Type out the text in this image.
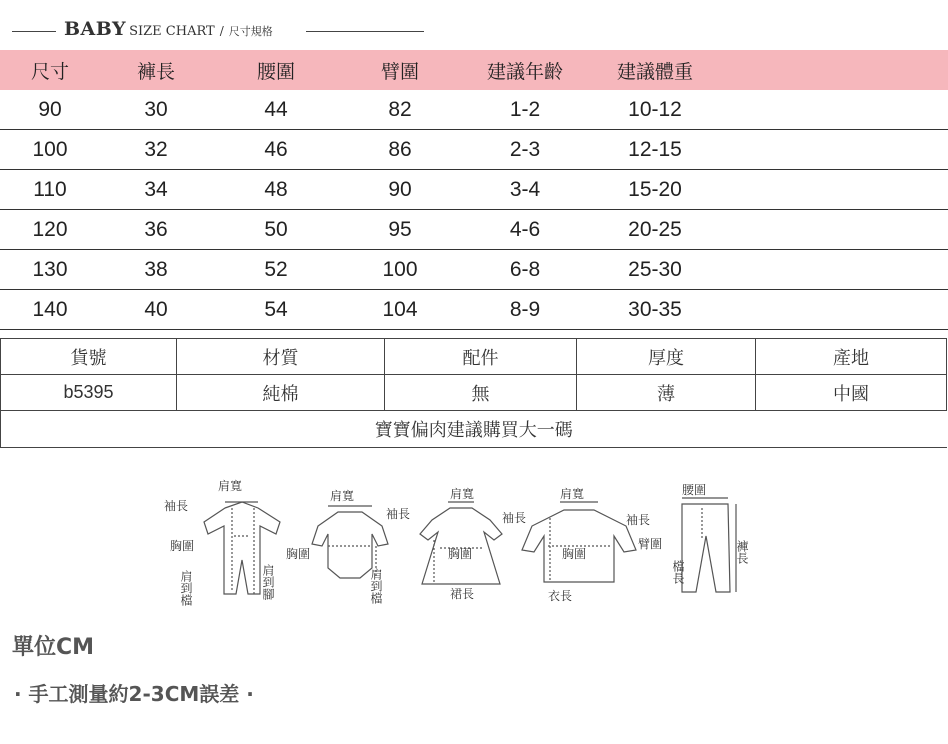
BABY SIZE CHART / 尺寸規格
尺寸	褲長	腰圍	臂圍	建議年齡	建議體重	
90	30	44	82	1-2	10-12	
100	32	46	86	2-3	12-15	
110	34	48	90	3-4	15-20	
120	36	50	95	4-6	20-25	
130	38	52	100	6-8	25-30	
140	40	54	104	8-9	30-35	
貨號	材質	配件	厚度	產地
b5395	純棉	無	薄	中國
寶寶偏肉建議購買大一碼				
肩寬
袖長
胸圍
肩到檔	肩到腳
肩寬
袖長
胸圍
肩到檔
肩寬
袖長
胸圍
裙長
肩寬
袖長
胸圍
衣長
腰圍
臂圍
檔長
褲長
單位CM
· 手工測量約2-3CM誤差 ·
